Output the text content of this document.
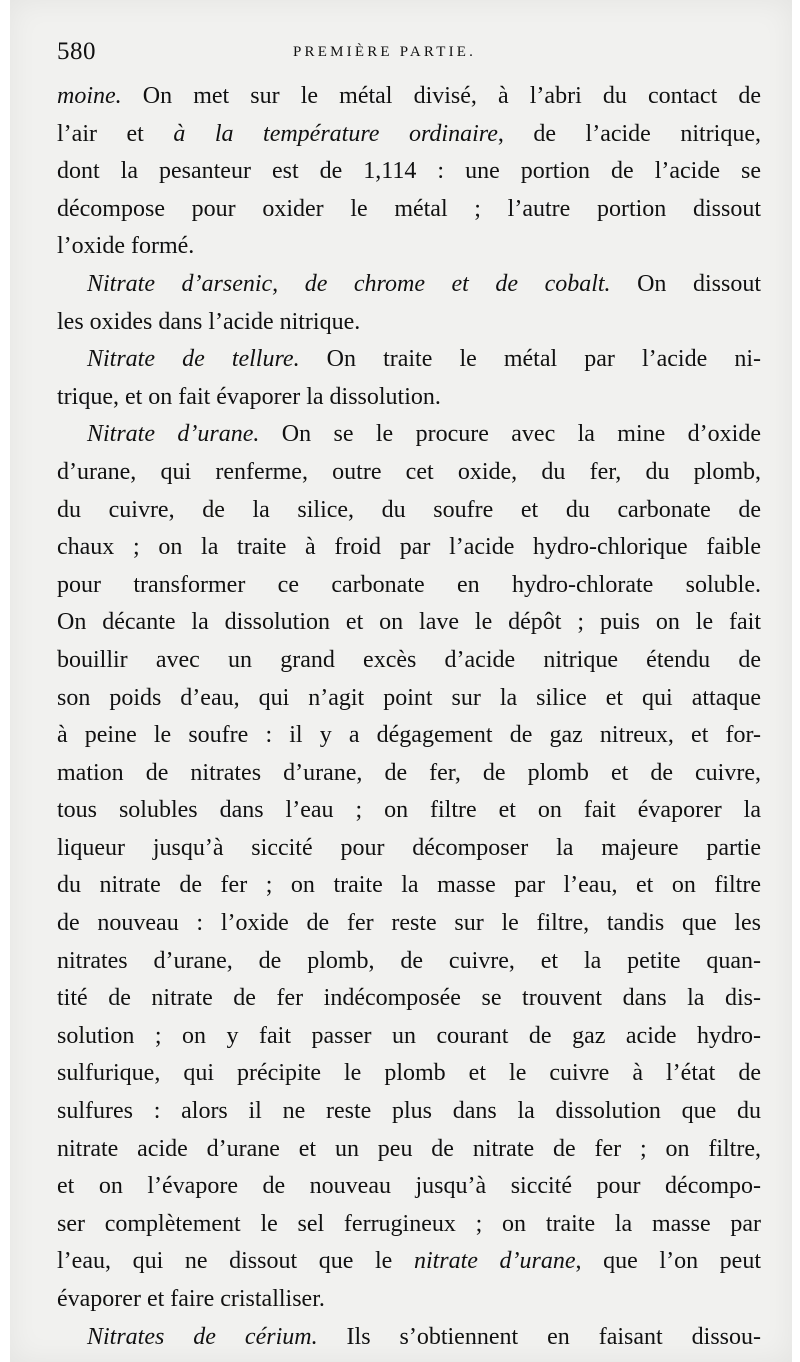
580	PREMIÈRE PARTIE.
moine. On met sur le métal divisé, à l’abri du contact de
l’air et à la température ordinaire, de l’acide nitrique,
dont la pesanteur est de 1,114 : une portion de l’acide se
décompose pour oxider le métal ; l’autre portion dissout
l’oxide formé.
Nitrate d’arsenic, de chrome et de cobalt. On dissout
les oxides dans l’acide nitrique.
Nitrate de tellure. On traite le métal par l’acide ni-
trique, et on fait évaporer la dissolution.
Nitrate d’urane. On se le procure avec la mine d’oxide
d’urane, qui renferme, outre cet oxide, du fer, du plomb,
du cuivre, de la silice, du soufre et du carbonate de
chaux ; on la traite à froid par l’acide hydro-chlorique faible
pour transformer ce carbonate en hydro-chlorate soluble.
On décante la dissolution et on lave le dépôt ; puis on le fait
bouillir avec un grand excès d’acide nitrique étendu de
son poids d’eau, qui n’agit point sur la silice et qui attaque
à peine le soufre : il y a dégagement de gaz nitreux, et for-
mation de nitrates d’urane, de fer, de plomb et de cuivre,
tous solubles dans l’eau ; on filtre et on fait évaporer la
liqueur jusqu’à siccité pour décomposer la majeure partie
du nitrate de fer ; on traite la masse par l’eau, et on filtre
de nouveau : l’oxide de fer reste sur le filtre, tandis que les
nitrates d’urane, de plomb, de cuivre, et la petite quan-
tité de nitrate de fer indécomposée se trouvent dans la dis-
solution ; on y fait passer un courant de gaz acide hydro-
sulfurique, qui précipite le plomb et le cuivre à l’état de
sulfures : alors il ne reste plus dans la dissolution que du
nitrate acide d’urane et un peu de nitrate de fer ; on filtre,
et on l’évapore de nouveau jusqu’à siccité pour décompo-
ser complètement le sel ferrugineux ; on traite la masse par
l’eau, qui ne dissout que le nitrate d’urane, que l’on peut
évaporer et faire cristalliser.
Nitrates de cérium. Ils s’obtiennent en faisant dissou-
